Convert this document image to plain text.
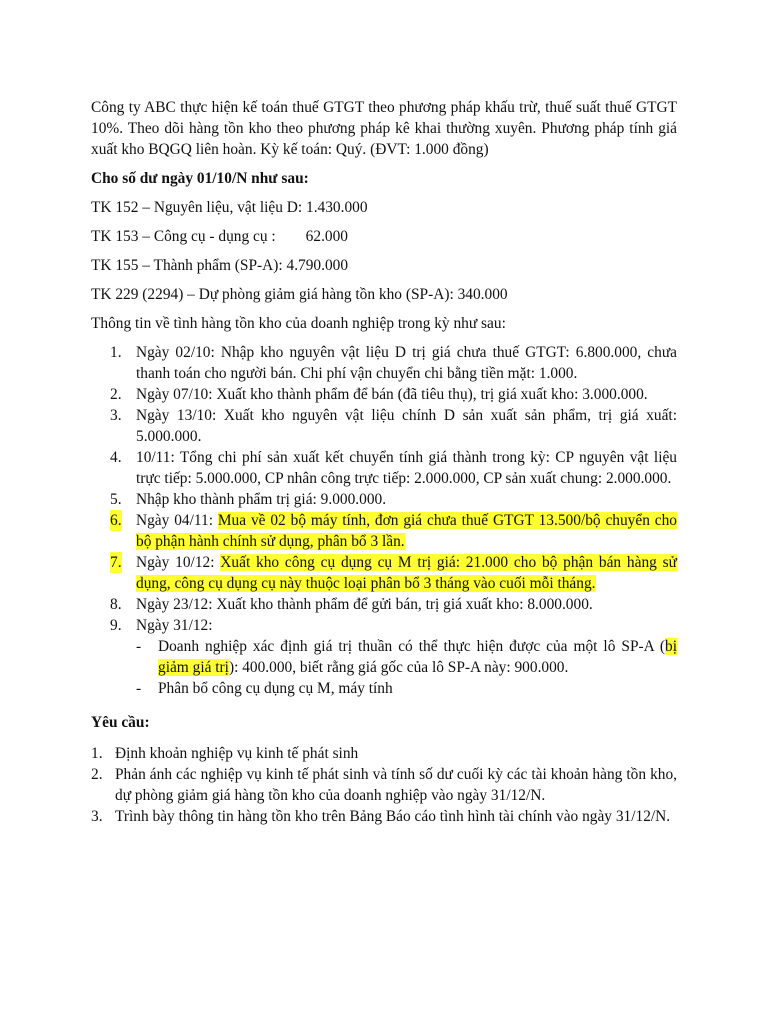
Công ty ABC thực hiện kế toán thuế GTGT theo phương pháp khấu trừ, thuế suất thuế GTGT 10%. Theo dõi hàng tồn kho theo phương pháp kê khai thường xuyên. Phương pháp tính giá xuất kho BQGQ liên hoàn. Kỳ kế toán: Quý. (ĐVT: 1.000 đồng)

Cho số dư ngày 01/10/N như sau:

TK 152 – Nguyên liệu, vật liệu D: 1.430.000

TK 153 – Công cụ - dụng cụ : 62.000

TK 155 – Thành phẩm (SP-A): 4.790.000

TK 229 (2294) – Dự phòng giảm giá hàng tồn kho (SP-A): 340.000

Thông tin về tình hàng tồn kho của doanh nghiệp trong kỳ như sau:

1. Ngày 02/10: Nhập kho nguyên vật liệu D trị giá chưa thuế GTGT: 6.800.000, chưa thanh toán cho người bán. Chi phí vận chuyển chi bằng tiền mặt: 1.000.
2. Ngày 07/10: Xuất kho thành phẩm để bán (đã tiêu thụ), trị giá xuất kho: 3.000.000.
3. Ngày 13/10: Xuất kho nguyên vật liệu chính D sản xuất sản phẩm, trị giá xuất: 5.000.000.
4. 10/11: Tổng chi phí sản xuất kết chuyển tính giá thành trong kỳ: CP nguyên vật liệu trực tiếp: 5.000.000, CP nhân công trực tiếp: 2.000.000, CP sản xuất chung: 2.000.000.
5. Nhập kho thành phẩm trị giá: 9.000.000.
6. Ngày 04/11: Mua về 02 bộ máy tính, đơn giá chưa thuế GTGT 13.500/bộ chuyển cho bộ phận hành chính sử dụng, phân bổ 3 lần.
7. Ngày 10/12: Xuất kho công cụ dụng cụ M trị giá: 21.000 cho bộ phận bán hàng sử dụng, công cụ dụng cụ này thuộc loại phân bổ 3 tháng vào cuối mỗi tháng.
8. Ngày 23/12: Xuất kho thành phẩm để gửi bán, trị giá xuất kho: 8.000.000.
9. Ngày 31/12:
- Doanh nghiệp xác định giá trị thuần có thể thực hiện được của một lô SP-A (bị giảm giá trị): 400.000, biết rằng giá gốc của lô SP-A này: 900.000.
- Phân bổ công cụ dụng cụ M, máy tính

Yêu cầu:

1. Định khoản nghiệp vụ kinh tế phát sinh
2. Phản ánh các nghiệp vụ kinh tế phát sinh và tính số dư cuối kỳ các tài khoản hàng tồn kho, dự phòng giảm giá hàng tồn kho của doanh nghiệp vào ngày 31/12/N.
3. Trình bày thông tin hàng tồn kho trên Bảng Báo cáo tình hình tài chính vào ngày 31/12/N.
